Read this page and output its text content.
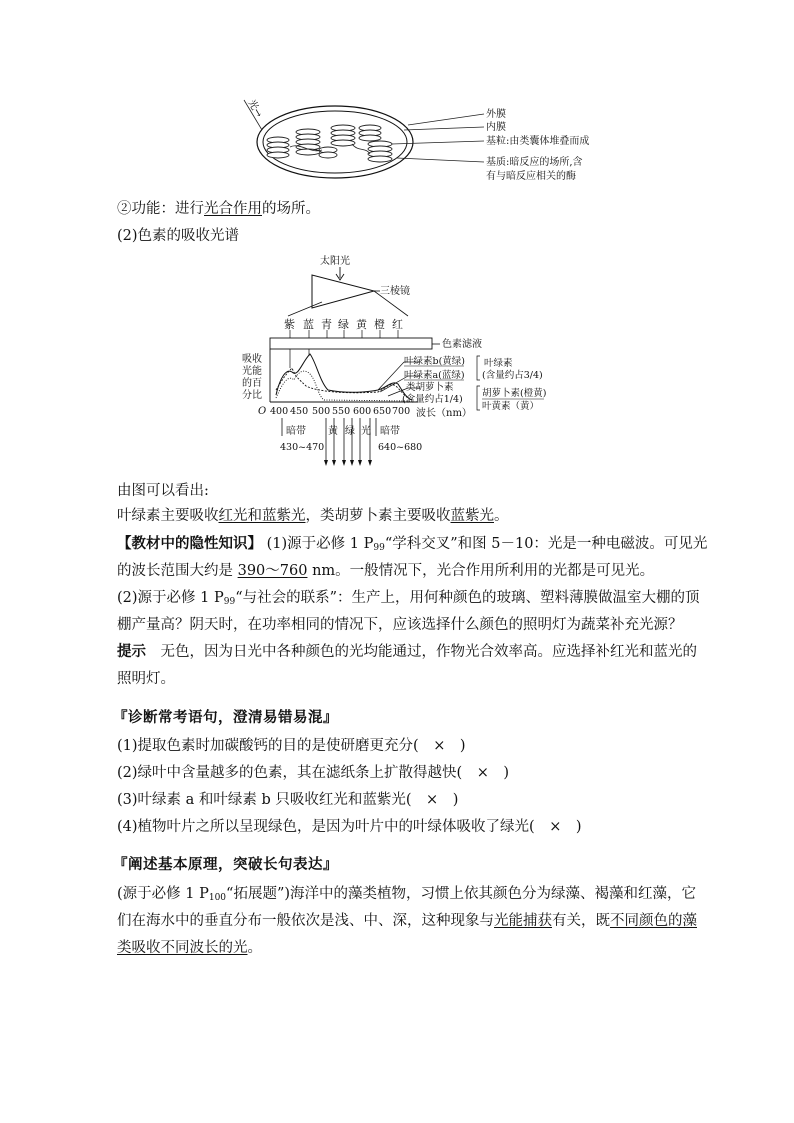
光→	外膜
内膜
基粒:由类囊体堆叠而成
基质:暗反应的场所,含
有与暗反应相关的酶
②功能：进行光合作用的场所。
(2)色素的吸收光谱
太阳光
三棱镜
紫 蓝 青 绿 黄 橙 红
色素滤液
吸收
光能
的百
分比
叶绿素b(黄绿)
叶绿素a(蓝绿)
类胡萝卜素
(含量约占1/4)
叶绿素
(含量约占3/4)
胡萝卜素(橙黄)
叶黄素（黄）
O 400 450 500 550 600 650 700 波长（nm）
暗带
430~470
黄 绿 光 暗带
640~680
由图可以看出:
叶绿素主要吸收红光和蓝紫光，类胡萝卜素主要吸收蓝紫光。
【教材中的隐性知识】 (1)源于必修 1 $P_{99}“$学科交叉”和图 5－10：光是一种电磁波。可见光
的波长范围大约是 390～760 nm。一般情况下，光合作用所利用的光都是可见光。
(2)源于必修 1 $P_{99}“$与社会的联系”：生产上，用何种颜色的玻璃、塑料薄膜做温室大棚的顶
棚产量高？阴天时，在功率相同的情况下，应该选择什么颜色的照明灯为蔬菜补充光源？
提示　无色，因为日光中各种颜色的光均能通过，作物光合效率高。应选择补红光和蓝光的
照明灯。
『诊断常考语句，澄清易错易混』
(1)提取色素时加碳酸钙的目的是使研磨更充分(　×　)
(2)绿叶中含量越多的色素，其在滤纸条上扩散得越快(　×　)
(3)叶绿素 a 和叶绿素 b 只吸收红光和蓝紫光(　×　)
(4)植物叶片之所以呈现绿色，是因为叶片中的叶绿体吸收了绿光(　×　)
『阐述基本原理，突破长句表达』
(源于必修 1 $P_{100}“$拓展题”)海洋中的藻类植物，习惯上依其颜色分为绿藻、褐藻和红藻，它
们在海水中的垂直分布一般依次是浅、中、深，这种现象与光能捕获有关，既不同颜色的藻
类吸收不同波长的光。
